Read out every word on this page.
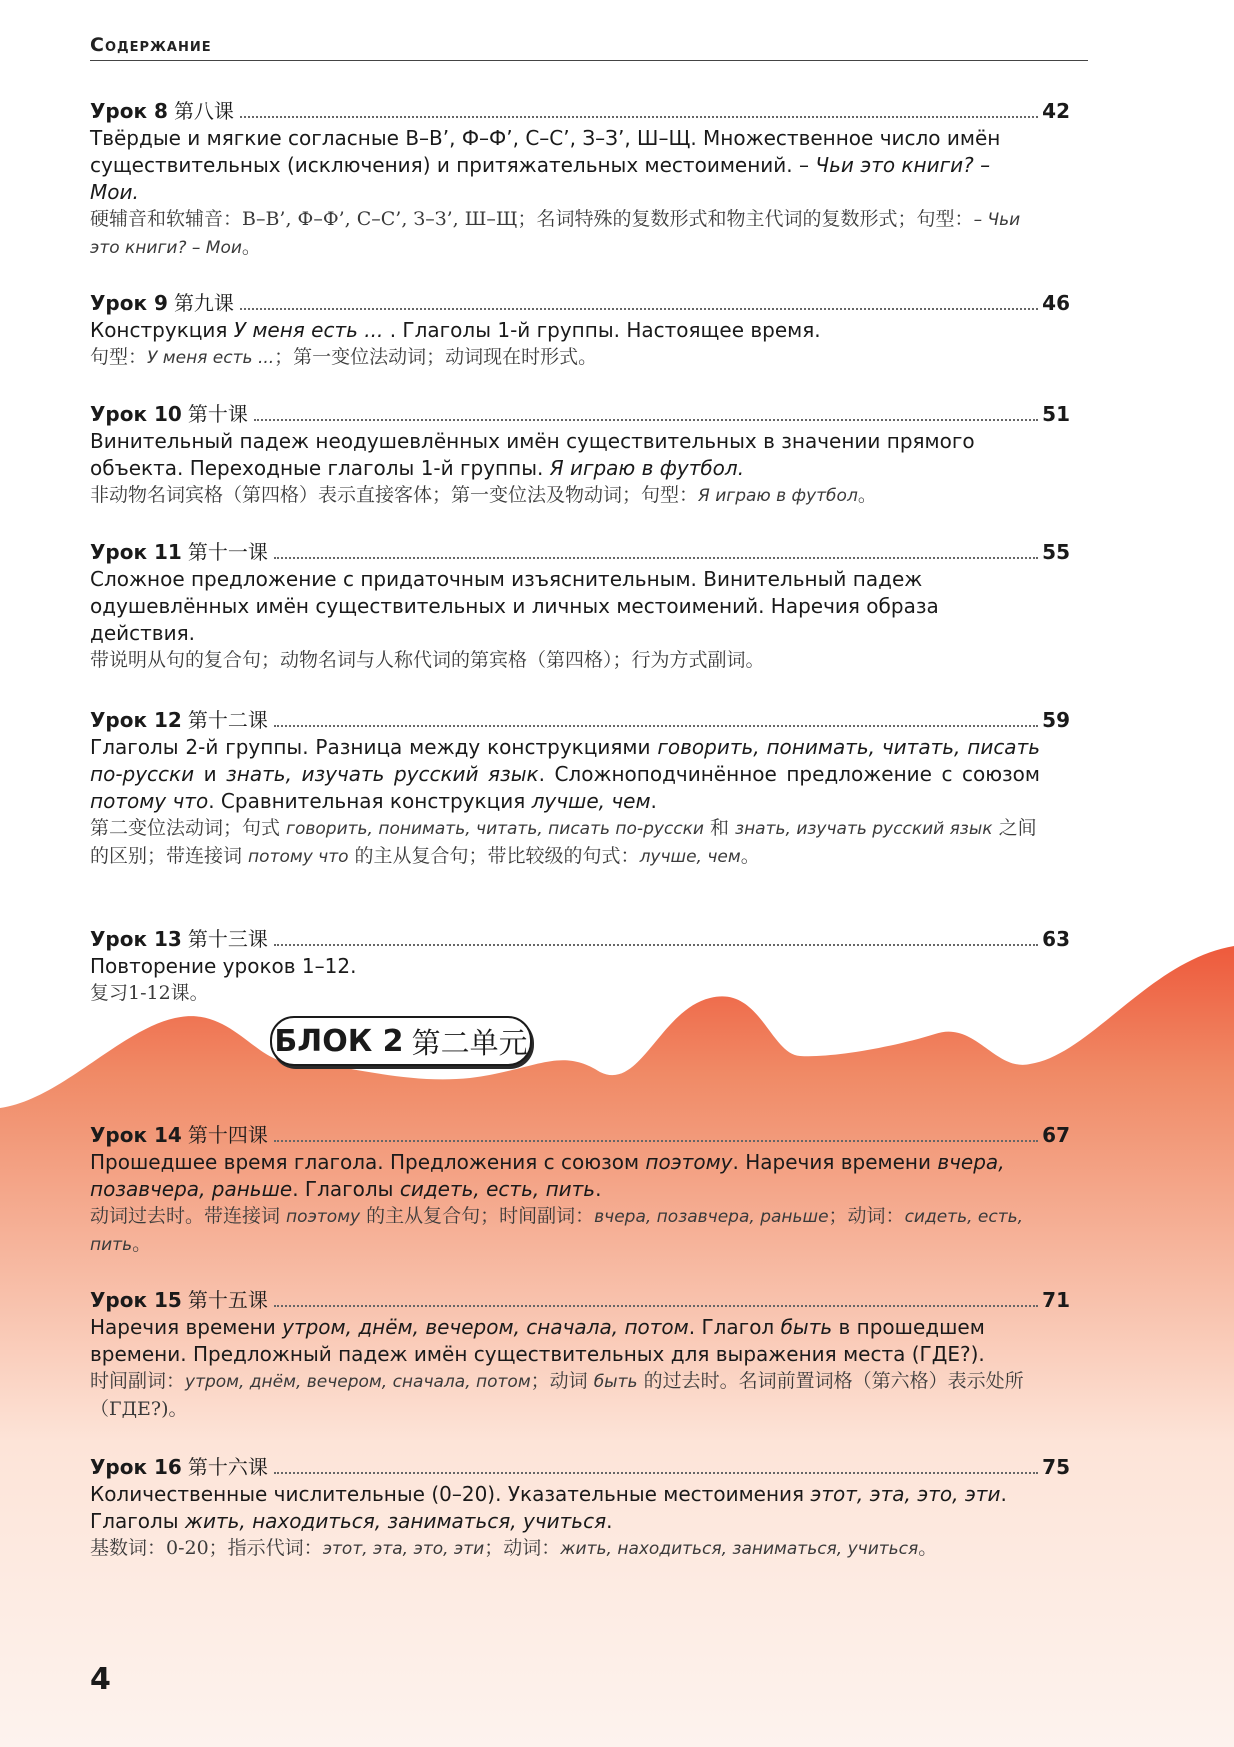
Содержание
Урок 8 第八课	42
Твёрдые и мягкие согласные В–В’, Ф–Ф’, С–С’, З–З’, Ш–Щ. Множественное число имён существительных (исключения) и притяжательных местоимений. – Чьи это книги? – Мои.
硬辅音和软辅音：В–В’, Ф–Ф’, С–С’, З–З’, Ш–Щ；名词特殊的复数形式和物主代词的复数形式；句型：– Чьи это книги? – Мои。
Урок 9 第九课	46
Конструкция У меня есть ... . Глаголы 1-й группы. Настоящее время.
句型：У меня есть ...；第一变位法动词；动词现在时形式。
Урок 10 第十课	51
Винительный падеж неодушевлённых имён существительных в значении прямого объекта. Переходные глаголы 1-й группы. Я играю в футбол.
非动物名词宾格（第四格）表示直接客体；第一变位法及物动词；句型：Я играю в футбол。
Урок 11 第十一课	55
Сложное предложение с придаточным изъяснительным. Винительный падеж одушевлённых имён существительных и личных местоимений. Наречия образа действия.
带说明从句的复合句；动物名词与人称代词的第宾格（第四格）；行为方式副词。
Урок 12 第十二课	59
Глаголы 2-й группы. Разница между конструкциями говорить, понимать, читать, писать по-русски и знать, изучать русский язык. Сложноподчинённое предложение с союзом потому что. Сравнительная конструкция лучше, чем.
第二变位法动词；句式 говорить, понимать, читать, писать по-русски 和 знать, изучать русский язык 之间的区别；带连接词 потому что 的主从复合句；带比较级的句式：лучше, чем。
Урок 13 第十三课	63
Повторение уроков 1–12.
复习1-12课。
Урок 14 第十四课	67
Прошедшее время глагола. Предложения с союзом поэтому. Наречия времени вчера, позавчера, раньше. Глаголы сидеть, есть, пить.
动词过去时。带连接词 поэтому 的主从复合句；时间副词：вчера, позавчера, раньше；动词：сидеть, есть, пить。
Урок 15 第十五课	71
Наречия времени утром, днём, вечером, сначала, потом. Глагол быть в прошедшем времени. Предложный падеж имён существительных для выражения места (ГДЕ?).
时间副词：утром, днём, вечером, сначала, потом；动词 быть 的过去时。名词前置词格（第六格）表示处所（ГДЕ?)。
Урок 16 第十六课	75
Количественные числительные (0–20). Указательные местоимения этот, эта, это, эти. Глаголы жить, находиться, заниматься, учиться.
基数词：0-20；指示代词：этот, эта, это, эти；动词：жить, находиться, заниматься, учиться。
БЛОК 2 第二单元
4
